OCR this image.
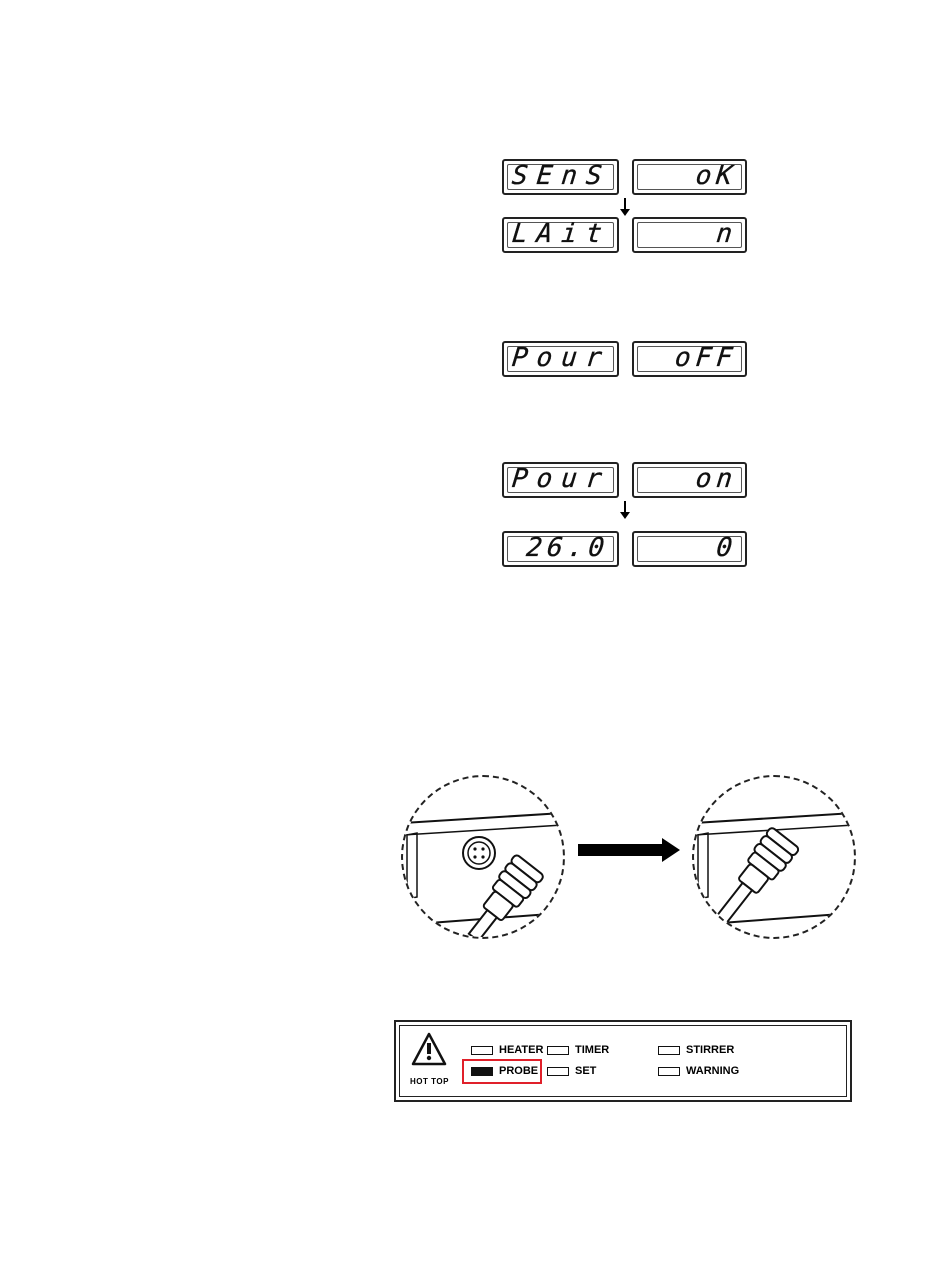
SEnS	oK
LAit	n
Pour	oFF
Pour	on
26.0	0
HOT TOP
HEATER	TIMER	STIRRER
PROBE	SET	WARNING
